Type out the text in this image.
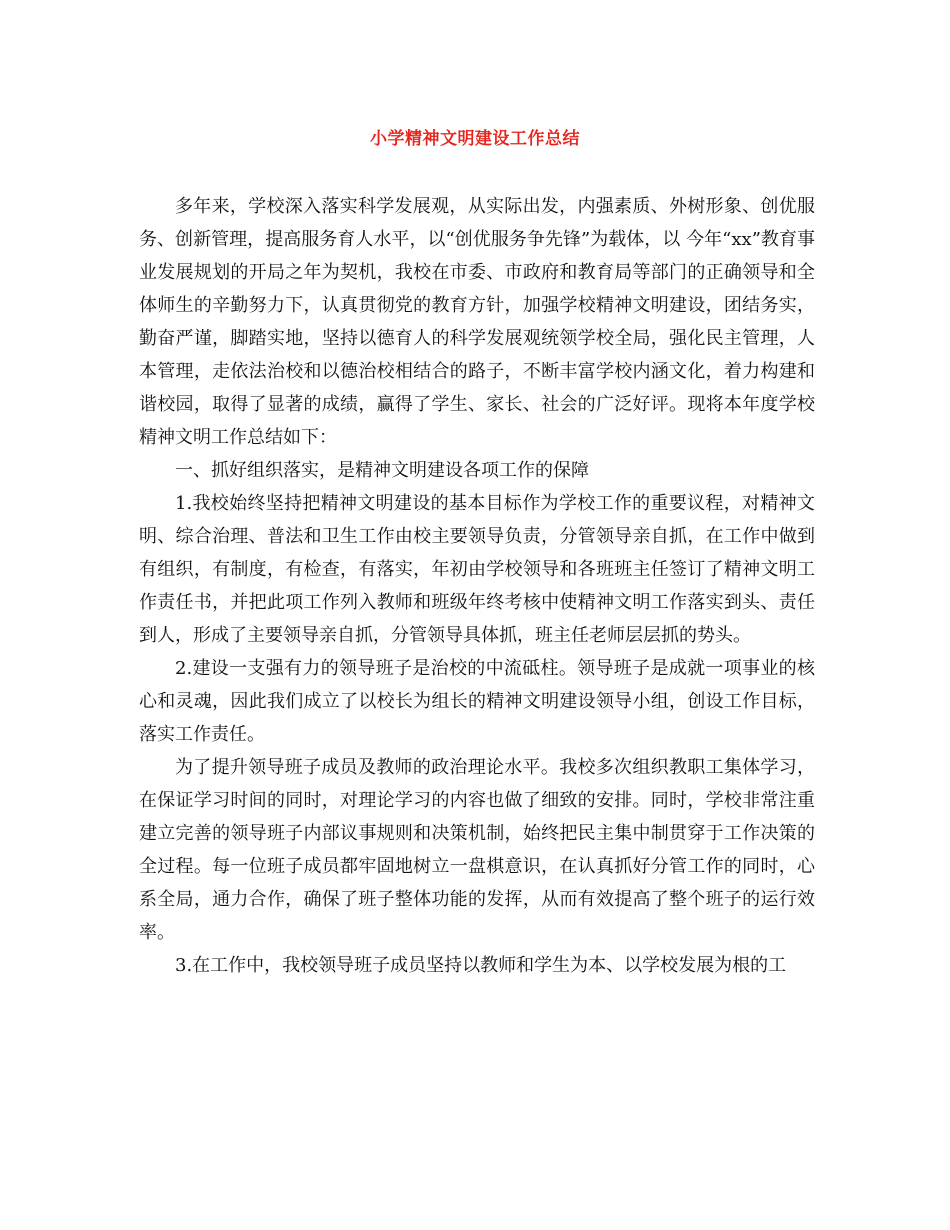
小学精神文明建设工作总结

多年来，学校深入落实科学发展观，从实际出发，内强素质、外树形象、创优服务、创新管理，提高服务育人水平，以“创优服务争先锋”为载体，以 今年“xx”教育事业发展规划的开局之年为契机，我校在市委、市政府和教育局等部门的正确领导和全体师生的辛勤努力下，认真贯彻党的教育方针，加强学校精神文明建设，团结务实，勤奋严谨，脚踏实地，坚持以德育人的科学发展观统领学校全局，强化民主管理，人本管理，走依法治校和以德治校相结合的路子，不断丰富学校内涵文化，着力构建和谐校园，取得了显著的成绩，赢得了学生、家长、社会的广泛好评。现将本年度学校精神文明工作总结如下：

一、抓好组织落实，是精神文明建设各项工作的保障

1.我校始终坚持把精神文明建设的基本目标作为学校工作的重要议程，对精神文明、综合治理、普法和卫生工作由校主要领导负责，分管领导亲自抓，在工作中做到有组织，有制度，有检查，有落实，年初由学校领导和各班班主任签订了精神文明工作责任书，并把此项工作列入教师和班级年终考核中使精神文明工作落实到头、责任到人，形成了主要领导亲自抓，分管领导具体抓，班主任老师层层抓的势头。

2.建设一支强有力的领导班子是治校的中流砥柱。领导班子是成就一项事业的核心和灵魂，因此我们成立了以校长为组长的精神文明建设领导小组，创设工作目标，落实工作责任。

为了提升领导班子成员及教师的政治理论水平。我校多次组织教职工集体学习，在保证学习时间的同时，对理论学习的内容也做了细致的安排。同时，学校非常注重建立完善的领导班子内部议事规则和决策机制，始终把民主集中制贯穿于工作决策的全过程。每一位班子成员都牢固地树立一盘棋意识，在认真抓好分管工作的同时，心系全局，通力合作，确保了班子整体功能的发挥，从而有效提高了整个班子的运行效率。

3.在工作中，我校领导班子成员坚持以教师和学生为本、以学校发展为根的工
